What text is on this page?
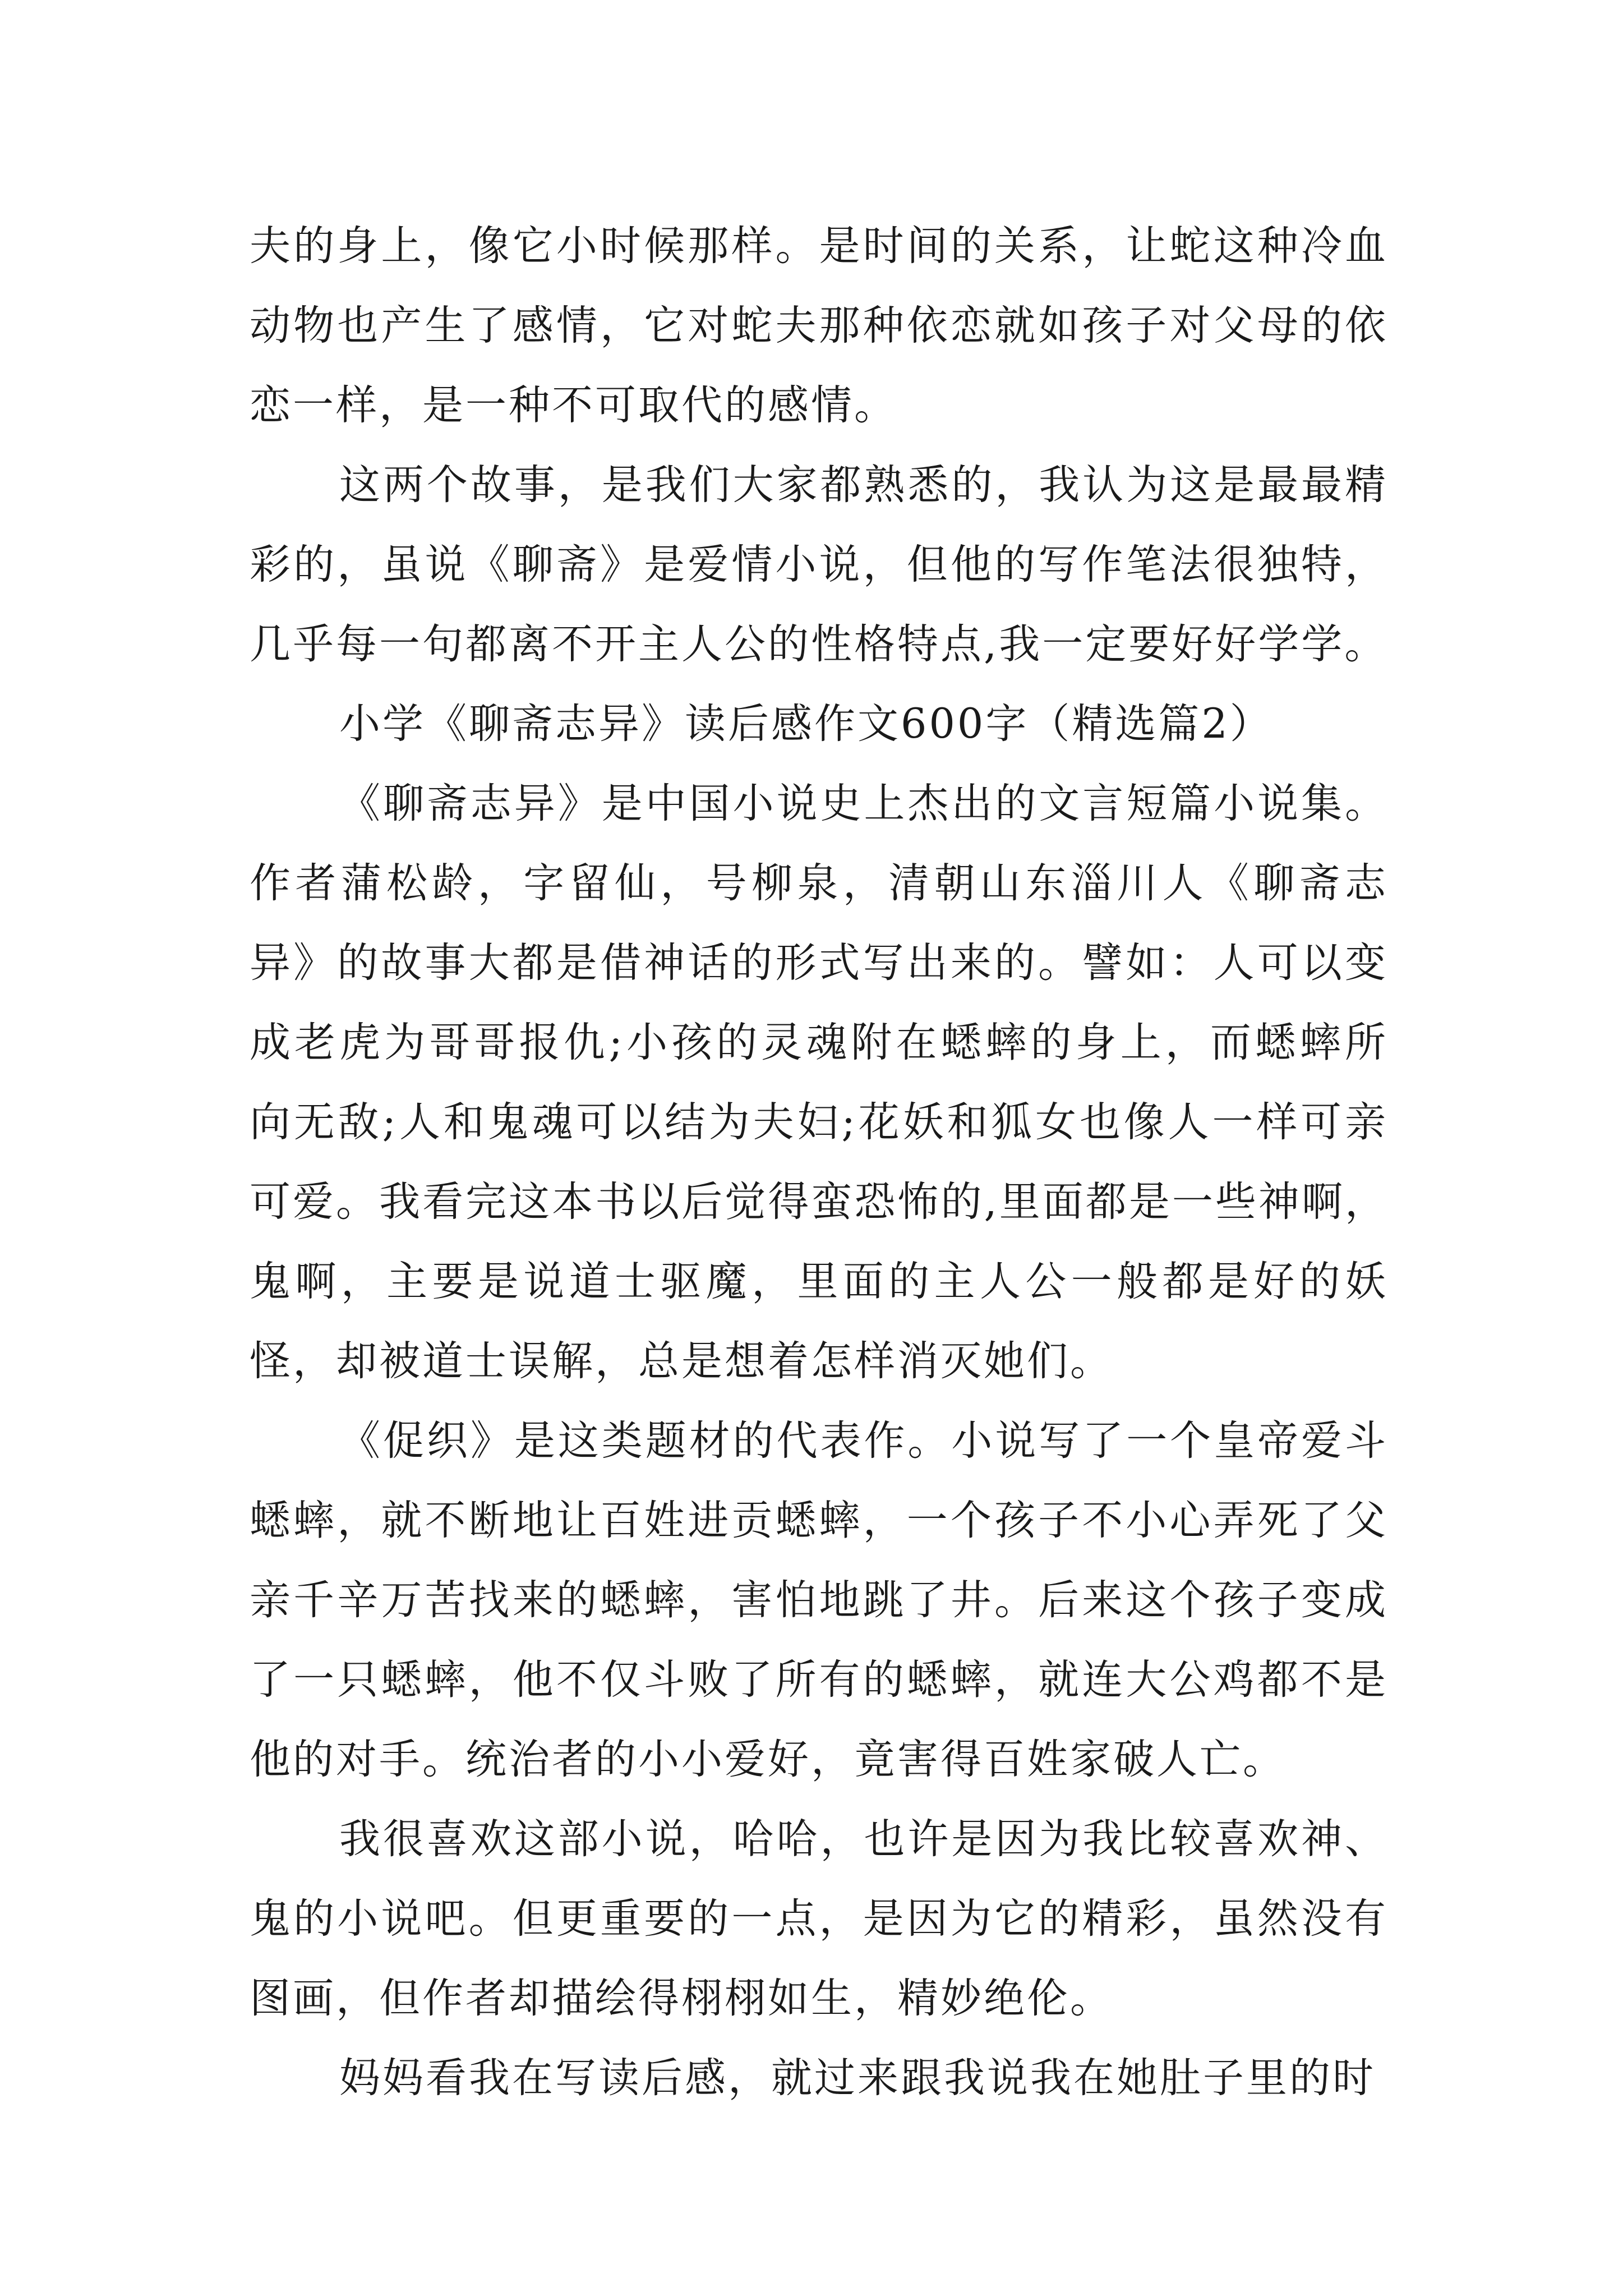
夫的身上，像它小时候那样。是时间的关系，让蛇这种冷血动物也产生了感情，它对蛇夫那种依恋就如孩子对父母的依恋一样，是一种不可取代的感情。

这两个故事，是我们大家都熟悉的，我认为这是最最精彩的，虽说《聊斋》是爱情小说，但他的写作笔法很独特，几乎每一句都离不开主人公的性格特点,我一定要好好学学。

小学《聊斋志异》读后感作文600字（精选篇2）

《聊斋志异》是中国小说史上杰出的文言短篇小说集。作者蒲松龄，字留仙，号柳泉，清朝山东淄川人《聊斋志异》的故事大都是借神话的形式写出来的。譬如：人可以变成老虎为哥哥报仇;小孩的灵魂附在蟋蟀的身上，而蟋蟀所向无敌;人和鬼魂可以结为夫妇;花妖和狐女也像人一样可亲可爱。我看完这本书以后觉得蛮恐怖的,里面都是一些神啊，鬼啊，主要是说道士驱魔，里面的主人公一般都是好的妖怪，却被道士误解，总是想着怎样消灭她们。

《促织》是这类题材的代表作。小说写了一个皇帝爱斗蟋蟀，就不断地让百姓进贡蟋蟀，一个孩子不小心弄死了父亲千辛万苦找来的蟋蟀，害怕地跳了井。后来这个孩子变成了一只蟋蟀，他不仅斗败了所有的蟋蟀，就连大公鸡都不是他的对手。统治者的小小爱好，竟害得百姓家破人亡。

我很喜欢这部小说，哈哈，也许是因为我比较喜欢神、鬼的小说吧。但更重要的一点，是因为它的精彩，虽然没有图画，但作者却描绘得栩栩如生，精妙绝伦。

妈妈看我在写读后感，就过来跟我说我在她肚子里的时
